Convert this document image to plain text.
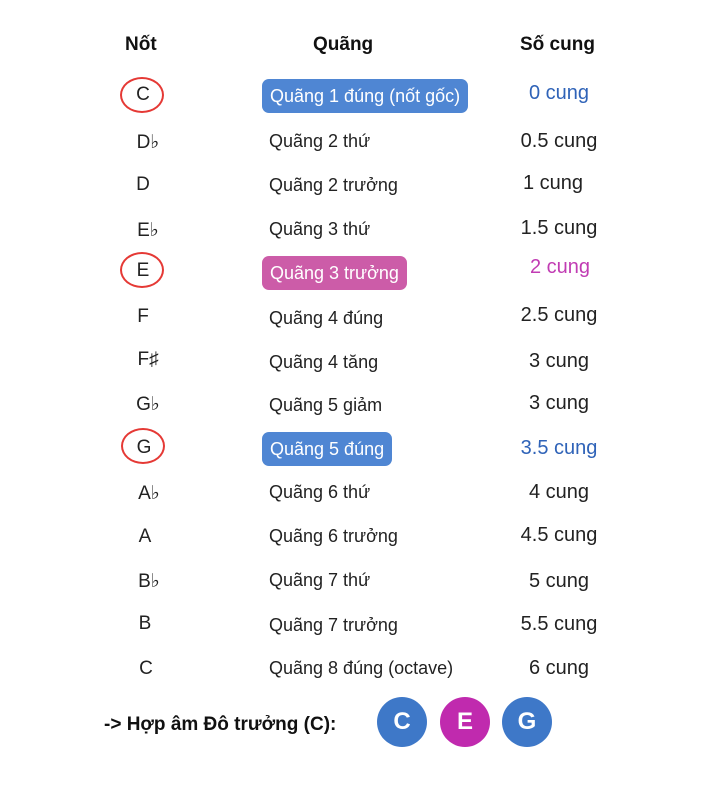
Nốt	Quãng	Số cung
C	Quãng 1 đúng (nốt gốc)	0 cung
D♭	Quãng 2 thứ	0.5 cung
D	Quãng 2 trưởng	1 cung
E♭	Quãng 3 thứ	1.5 cung
E	Quãng 3 trưởng	2 cung
F	Quãng 4 đúng	2.5 cung
F♯	Quãng 4 tăng	3 cung
G♭	Quãng 5 giảm	3 cung
G	Quãng 5 đúng	3.5 cung
A♭	Quãng 6 thứ	4 cung
A	Quãng 6 trưởng	4.5 cung
B♭	Quãng 7 thứ	5 cung
B	Quãng 7 trưởng	5.5 cung
C	Quãng 8 đúng (octave)	6 cung
-> Hợp âm Đô trưởng (C):	C	E	G
